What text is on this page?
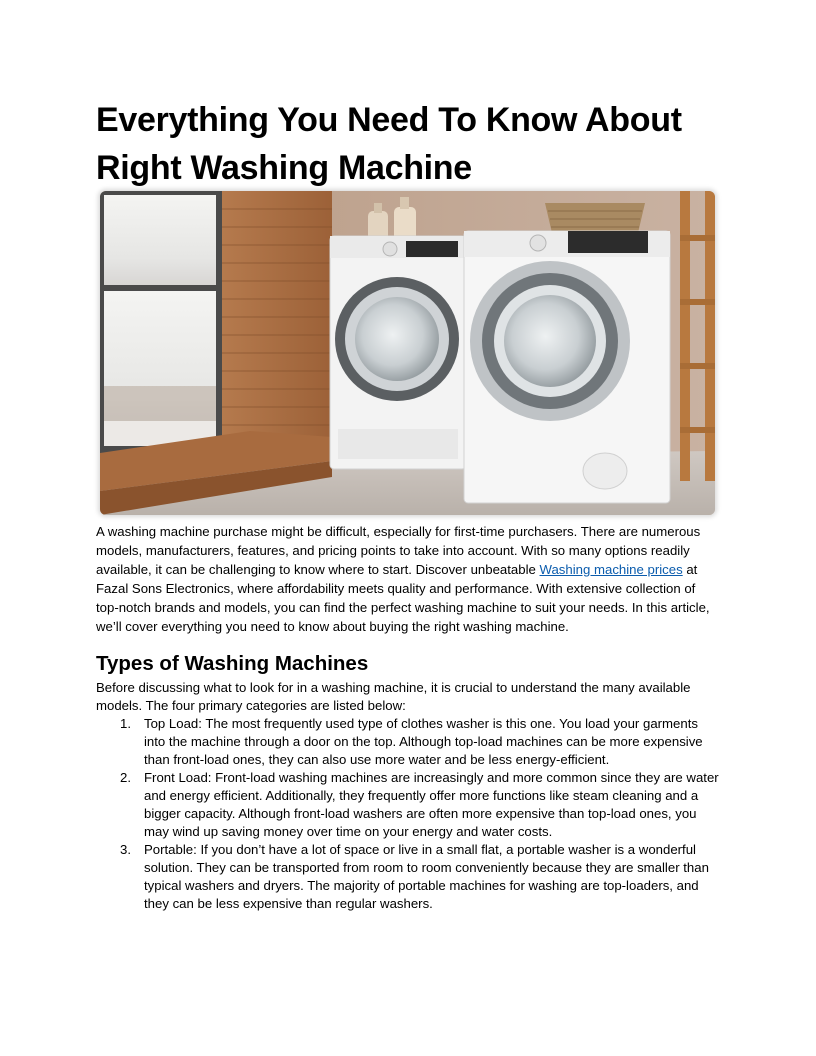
Everything You Need To Know About Right Washing Machine

A washing machine purchase might be difficult, especially for first-time purchasers. There are numerous models, manufacturers, features, and pricing points to take into account. With so many options readily available, it can be challenging to know where to start. Discover unbeatable Washing machine prices at Fazal Sons Electronics, where affordability meets quality and performance. With extensive collection of top-notch brands and models, you can find the perfect washing machine to suit your needs. In this article, we’ll cover everything you need to know about buying the right washing machine.

Types of Washing Machines

Before discussing what to look for in a washing machine, it is crucial to understand the many available models. The four primary categories are listed below:

1. Top Load: The most frequently used type of clothes washer is this one. You load your garments into the machine through a door on the top. Although top-load machines can be more expensive than front-load ones, they can also use more water and be less energy-efficient.
2. Front Load: Front-load washing machines are increasingly and more common since they are water and energy efficient. Additionally, they frequently offer more functions like steam cleaning and a bigger capacity. Although front-load washers are often more expensive than top-load ones, you may wind up saving money over time on your energy and water costs.
3. Portable: If you don’t have a lot of space or live in a small flat, a portable washer is a wonderful solution. They can be transported from room to room conveniently because they are smaller than typical washers and dryers. The majority of portable machines for washing are top-loaders, and they can be less expensive than regular washers.
